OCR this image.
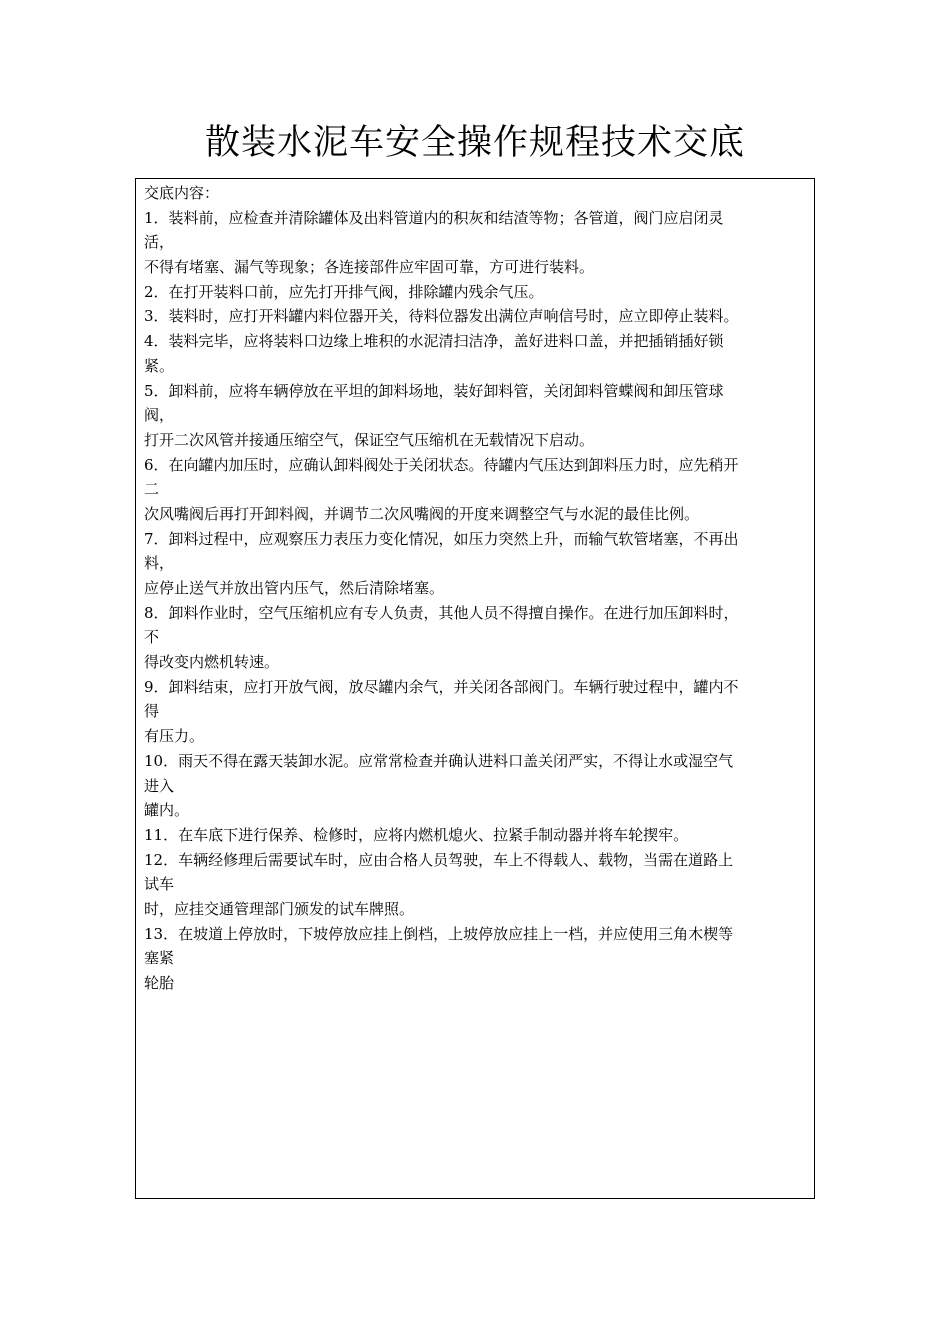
散装水泥车安全操作规程技术交底
交底内容：
1．装料前，应检查并清除罐体及出料管道内的积灰和结渣等物；各管道，阀门应启闭灵
活，
不得有堵塞、漏气等现象；各连接部件应牢固可靠，方可进行装料。
2．在打开装料口前，应先打开排气阀，排除罐内残余气压。
3．装料时，应打开料罐内料位器开关，待料位器发出满位声响信号时，应立即停止装料。
4．装料完毕，应将装料口边缘上堆积的水泥清扫洁净，盖好进料口盖，并把插销插好锁
紧。
5．卸料前，应将车辆停放在平坦的卸料场地，装好卸料管，关闭卸料管蝶阀和卸压管球
阀，
打开二次风管并接通压缩空气，保证空气压缩机在无载情况下启动。
6．在向罐内加压时，应确认卸料阀处于关闭状态。待罐内气压达到卸料压力时，应先稍开
二
次风嘴阀后再打开卸料阀，并调节二次风嘴阀的开度来调整空气与水泥的最佳比例。
7．卸料过程中，应观察压力表压力变化情况，如压力突然上升，而输气软管堵塞，不再出
料，
应停止送气并放出管内压气，然后清除堵塞。
8．卸料作业时，空气压缩机应有专人负责，其他人员不得擅自操作。在进行加压卸料时，
不
得改变内燃机转速。
9．卸料结束，应打开放气阀，放尽罐内余气，并关闭各部阀门。车辆行驶过程中，罐内不
得
有压力。
10．雨天不得在露天装卸水泥。应常常检查并确认进料口盖关闭严实，不得让水或湿空气
进入
罐内。
11．在车底下进行保养、检修时，应将内燃机熄火、拉紧手制动器并将车轮揳牢。
12．车辆经修理后需要试车时，应由合格人员驾驶，车上不得载人、载物，当需在道路上
试车
时，应挂交通管理部门颁发的试车牌照。
13．在坡道上停放时，下坡停放应挂上倒档，上坡停放应挂上一档，并应使用三角木楔等
塞紧
轮胎
